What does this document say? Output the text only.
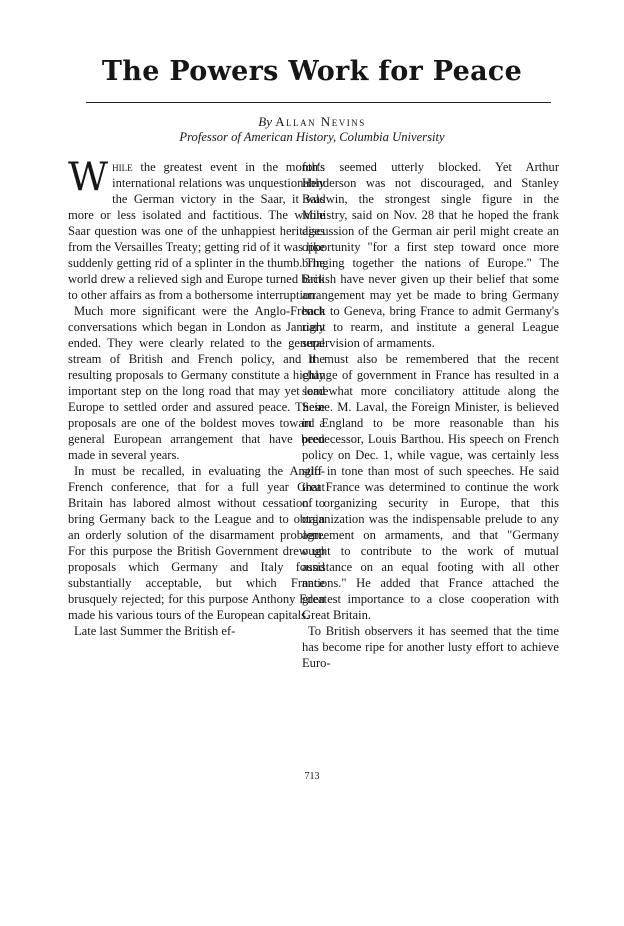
The Powers Work for Peace
By Allan Nevins
Professor of American History, Columbia University

While the greatest event in the month's international relations was unquestionably the German victory in the Saar, it was more or less isolated and factitious. The whole Saar question was one of the unhappiest heritages from the Versailles Treaty; getting rid of it was like suddenly getting rid of a splinter in the thumb. The world drew a relieved sigh and Europe turned back to other affairs as from a bothersome interruption.

Much more significant were the Anglo-French conversations which began in London as January ended. They were clearly related to the general stream of British and French policy, and the resulting proposals to Germany constitute a highly important step on the long road that may yet lead Europe to settled order and assured peace. These proposals are one of the boldest moves toward a general European arrangement that have been made in several years.

In must be recalled, in evaluating the Anglo-French conference, that for a full year Great Britain has labored almost without cessation to bring Germany back to the League and to obtain an orderly solution of the disarmament problem. For this purpose the British Government drew up proposals which Germany and Italy found substantially acceptable, but which France brusquely rejected; for this purpose Anthony Eden made his various tours of the European capitals.

Late last Summer the British ef-

forts seemed utterly blocked. Yet Arthur Henderson was not discouraged, and Stanley Baldwin, the strongest single figure in the Ministry, said on Nov. 28 that he hoped the frank discussion of the German air peril might create an opportunity "for a first step toward once more bringing together the nations of Europe." The British have never given up their belief that some arrangement may yet be made to bring Germany back to Geneva, bring France to admit Germany's right to rearm, and institute a general League supervision of armaments.

It must also be remembered that the recent change of government in France has resulted in a somewhat more conciliatory attitude along the Seine. M. Laval, the Foreign Minister, is believed in England to be more reasonable than his predecessor, Louis Barthou. His speech on French policy on Dec. 1, while vague, was certainly less stiff in tone than most of such speeches. He said that France was determined to continue the work of organizing security in Europe, that this organization was the indispensable prelude to any agreement on armaments, and that "Germany ought to contribute to the work of mutual assistance on an equal footing with all other nations." He added that France attached the greatest importance to a close cooperation with Great Britain.

To British observers it has seemed that the time has become ripe for another lusty effort to achieve Euro-

713
